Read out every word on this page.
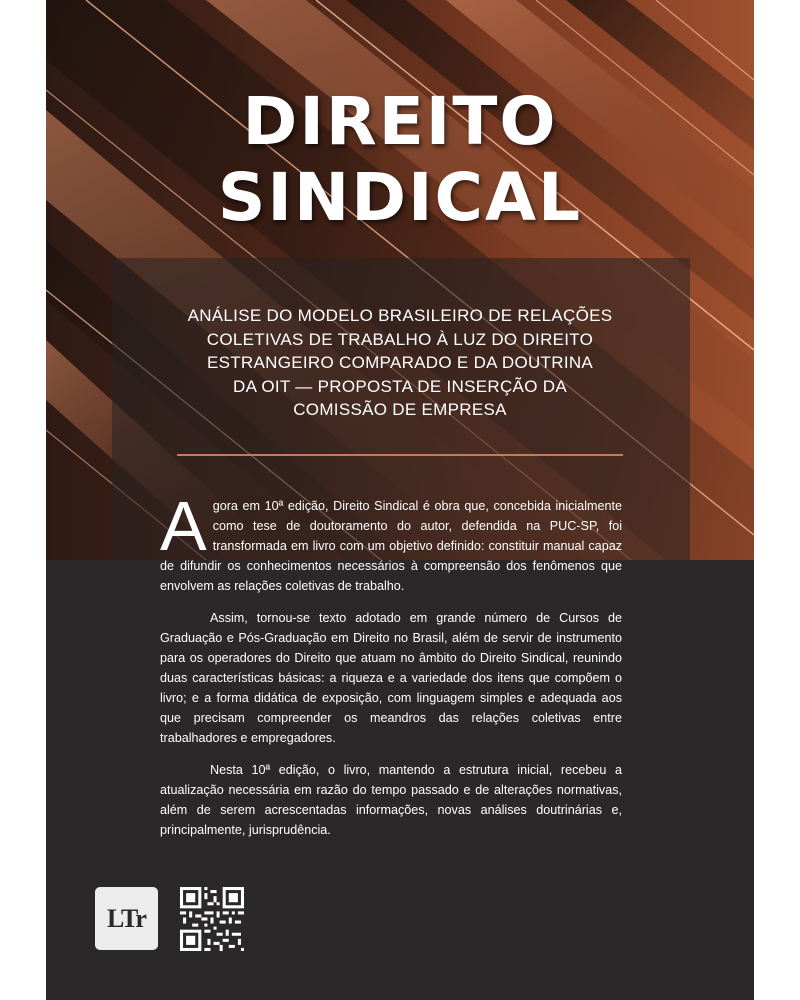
DIREITO
SINDICAL
ANÁLISE DO MODELO BRASILEIRO DE RELAÇÕES
COLETIVAS DE TRABALHO À LUZ DO DIREITO
ESTRANGEIRO COMPARADO E DA DOUTRINA
DA OIT — PROPOSTA DE INSERÇÃO DA
COMISSÃO DE EMPRESA

Agora em 10ª edição, Direito Sindical é obra que, concebida inicialmente como tese de doutoramento do autor, defendida na PUC-SP, foi transformada em livro com um objetivo definido: constituir manual capaz de difundir os conhecimentos necessários à compreensão dos fenômenos que envolvem as relações coletivas de trabalho.

Assim, tornou-se texto adotado em grande número de Cursos de Graduação e Pós-Graduação em Direito no Brasil, além de servir de instrumento para os operadores do Direito que atuam no âmbito do Direito Sindical, reunindo duas características básicas: a riqueza e a variedade dos itens que compõem o livro; e a forma didática de exposição, com linguagem simples e adequada aos que precisam compreender os meandros das relações coletivas entre trabalhadores e empregadores.

Nesta 10ª edição, o livro, mantendo a estrutura inicial, recebeu a atualização necessária em razão do tempo passado e de alterações normativas, além de serem acrescentadas informações, novas análises doutrinárias e, principalmente, jurisprudência.

LTr
